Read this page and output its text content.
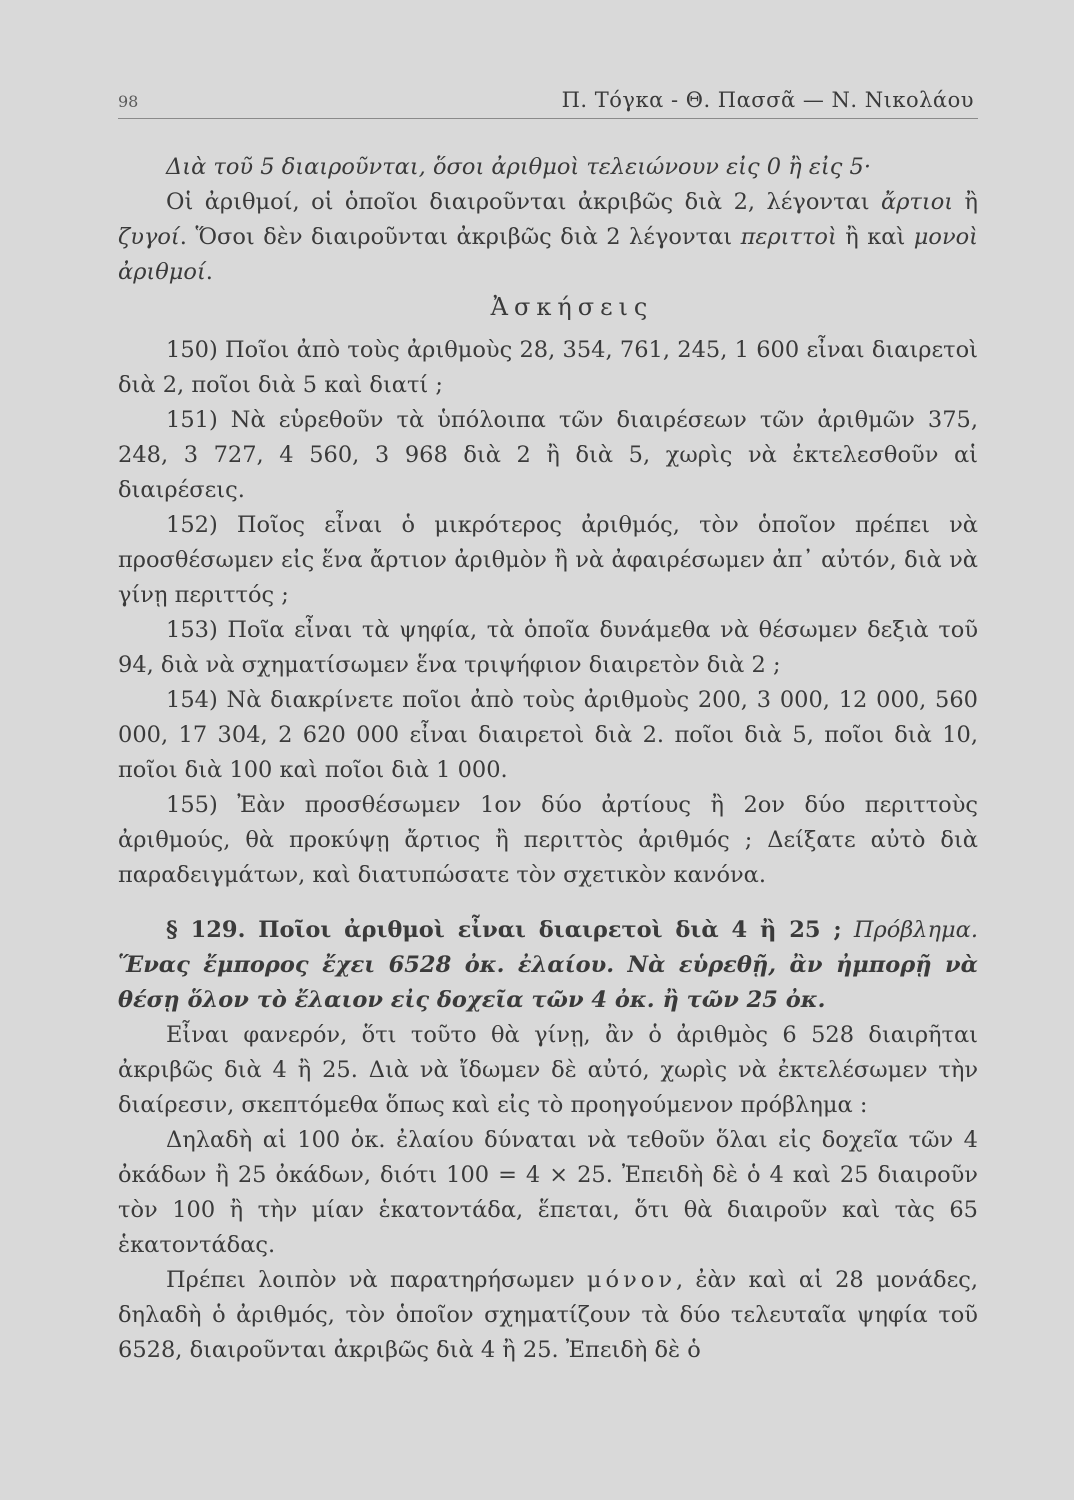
98	Π. Τόγκα - Θ. Πασσᾶ — Ν. Νικολάου

Διὰ τοῦ 5 διαιροῦνται, ὅσοι ἀριθμοὶ τελειώνουν εἰς 0 ἢ εἰς 5·

Οἱ ἀριθμοί, οἱ ὁποῖοι διαιροῦνται ἀκριβῶς διὰ 2, λέγονται ἄρτιοι ἢ ζυγοί. Ὅσοι δὲν διαιροῦνται ἀκριβῶς διὰ 2 λέγονται περιττοὶ ἢ καὶ μονοὶ ἀριθμοί.

Ἀσκήσεις

150) Ποῖοι ἀπὸ τοὺς ἀριθμοὺς 28, 354, 761, 245, 1 600 εἶναι διαιρετοὶ διὰ 2, ποῖοι διὰ 5 καὶ διατί ;

151) Νὰ εὑρεθοῦν τὰ ὑπόλοιπα τῶν διαιρέσεων τῶν ἀριθμῶν 375, 248, 3 727, 4 560, 3 968 διὰ 2 ἢ διὰ 5, χωρὶς νὰ ἐκτελεσθοῦν αἱ διαιρέσεις.

152) Ποῖος εἶναι ὁ μικρότερος ἀριθμός, τὸν ὁποῖον πρέπει νὰ προσθέσωμεν εἰς ἕνα ἄρτιον ἀριθμὸν ἢ νὰ ἀφαιρέσωμεν ἀπ᾿ αὐτόν, διὰ νὰ γίνῃ περιττός ;

153) Ποῖα εἶναι τὰ ψηφία, τὰ ὁποῖα δυνάμεθα νὰ θέσωμεν δεξιὰ τοῦ 94, διὰ νὰ σχηματίσωμεν ἕνα τριψήφιον διαιρετὸν διὰ 2 ;

154) Νὰ διακρίνετε ποῖοι ἀπὸ τοὺς ἀριθμοὺς 200, 3 000, 12 000, 560 000, 17 304, 2 620 000 εἶναι διαιρετοὶ διὰ 2. ποῖοι διὰ 5, ποῖοι διὰ 10, ποῖοι διὰ 100 καὶ ποῖοι διὰ 1 000.

155) Ἐὰν προσθέσωμεν 1ον δύο ἀρτίους ἢ 2ον δύο περιττοὺς ἀριθμούς, θὰ προκύψῃ ἄρτιος ἢ περιττὸς ἀριθμός ; Δείξατε αὐτὸ διὰ παραδειγμάτων, καὶ διατυπώσατε τὸν σχετικὸν κανόνα.

§ 129. Ποῖοι ἀριθμοὶ εἶναι διαιρετοὶ διὰ 4 ἢ 25 ; Πρόβλημα. Ἕνας ἔμπορος ἔχει 6528 ὀκ. ἐλαίου. Νὰ εὑρεθῇ, ἂν ἠμπορῇ νὰ θέσῃ ὅλον τὸ ἔλαιον εἰς δοχεῖα τῶν 4 ὀκ. ἢ τῶν 25 ὀκ.

Εἶναι φανερόν, ὅτι τοῦτο θὰ γίνῃ, ἂν ὁ ἀριθμὸς 6 528 διαιρῆται ἀκριβῶς διὰ 4 ἢ 25. Διὰ νὰ ἴδωμεν δὲ αὐτό, χωρὶς νὰ ἐκτελέσωμεν τὴν διαίρεσιν, σκεπτόμεθα ὅπως καὶ εἰς τὸ προηγούμενον πρόβλημα :

Δηλαδὴ αἱ 100 ὀκ. ἐλαίου δύναται νὰ τεθοῦν ὅλαι εἰς δοχεῖα τῶν 4 ὀκάδων ἢ 25 ὀκάδων, διότι 100 = 4 × 25. Ἐπειδὴ δὲ ὁ 4 καὶ 25 διαιροῦν τὸν 100 ἢ τὴν μίαν ἑκατοντάδα, ἕπεται, ὅτι θὰ διαιροῦν καὶ τὰς 65 ἑκατοντάδας.

Πρέπει λοιπὸν νὰ παρατηρήσωμεν μόνον, ἐὰν καὶ αἱ 28 μονάδες, δηλαδὴ ὁ ἀριθμός, τὸν ὁποῖον σχηματίζουν τὰ δύο τελευταῖα ψηφία τοῦ 6528, διαιροῦνται ἀκριβῶς διὰ 4 ἢ 25. Ἐπειδὴ δὲ ὁ
